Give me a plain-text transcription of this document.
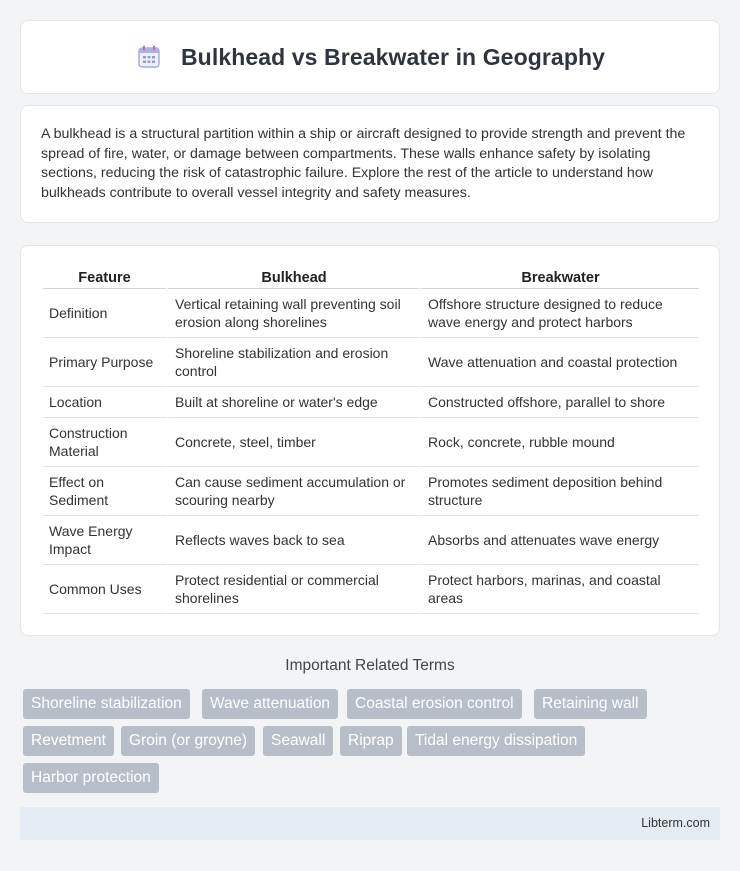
Bulkhead vs Breakwater in Geography

A bulkhead is a structural partition within a ship or aircraft designed to provide strength and prevent the spread of fire, water, or damage between compartments. These walls enhance safety by isolating sections, reducing the risk of catastrophic failure. Explore the rest of the article to understand how bulkheads contribute to overall vessel integrity and safety measures.

Feature	Bulkhead	Breakwater
Definition	Vertical retaining wall preventing soil erosion along shorelines	Offshore structure designed to reduce wave energy and protect harbors
Primary Purpose	Shoreline stabilization and erosion control	Wave attenuation and coastal protection
Location	Built at shoreline or water's edge	Constructed offshore, parallel to shore
Construction Material	Concrete, steel, timber	Rock, concrete, rubble mound
Effect on Sediment	Can cause sediment accumulation or scouring nearby	Promotes sediment deposition behind structure
Wave Energy Impact	Reflects waves back to sea	Absorbs and attenuates wave energy
Common Uses	Protect residential or commercial shorelines	Protect harbors, marinas, and coastal areas
Important Related Terms
Shoreline stabilization	Wave attenuation	Coastal erosion control	Retaining wall
Revetment	Groin (or groyne)	Seawall	Riprap	Tidal energy dissipation
Harbor protection
Libterm.com
